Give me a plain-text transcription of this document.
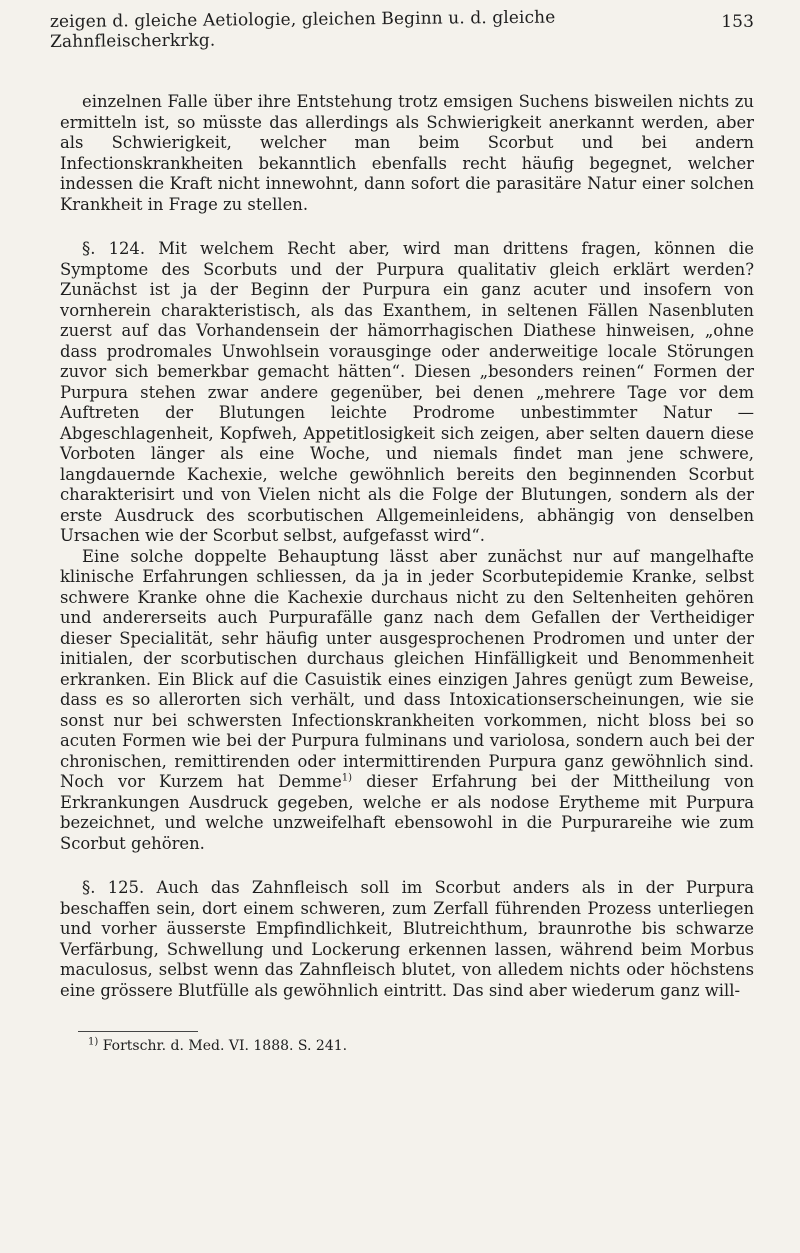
zeigen d. gleiche Aetiologie, gleichen Beginn u. d. gleiche Zahnfleischerkrkg.
153

einzelnen Falle über ihre Entstehung trotz emsigen Suchens bisweilen nichts zu ermitteln ist, so müsste das allerdings als Schwierigkeit anerkannt werden, aber als Schwierigkeit, welcher man beim Scorbut und bei andern Infectionskrankheiten bekanntlich ebenfalls recht häufig begegnet, welcher indessen die Kraft nicht innewohnt, dann sofort die parasitäre Natur einer solchen Krankheit in Frage zu stellen.

§. 124. Mit welchem Recht aber, wird man drittens fragen, können die Symptome des Scorbuts und der Purpura qualitativ gleich erklärt werden? Zunächst ist ja der Beginn der Purpura ein ganz acuter und insofern von vornherein charakteristisch, als das Exanthem, in seltenen Fällen Nasenbluten zuerst auf das Vorhandensein der hämorrhagischen Diathese hinweisen, „ohne dass prodromales Unwohlsein vorausginge oder anderweitige locale Störungen zuvor sich bemerkbar gemacht hätten“. Diesen „besonders reinen“ Formen der Purpura stehen zwar andere gegenüber, bei denen „mehrere Tage vor dem Auftreten der Blutungen leichte Prodrome unbestimmter Natur — Abgeschlagenheit, Kopfweh, Appetitlosigkeit sich zeigen, aber selten dauern diese Vorboten länger als eine Woche, und niemals findet man jene schwere, langdauernde Kachexie, welche gewöhnlich bereits den beginnenden Scorbut charakterisirt und von Vielen nicht als die Folge der Blutungen, sondern als der erste Ausdruck des scorbutischen Allgemeinleidens, abhängig von denselben Ursachen wie der Scorbut selbst, aufgefasst wird“.

Eine solche doppelte Behauptung lässt aber zunächst nur auf mangelhafte klinische Erfahrungen schliessen, da ja in jeder Scorbutepidemie Kranke, selbst schwere Kranke ohne die Kachexie durchaus nicht zu den Seltenheiten gehören und andererseits auch Purpurafälle ganz nach dem Gefallen der Vertheidiger dieser Specialität, sehr häufig unter ausgesprochenen Prodromen und unter der initialen, der scorbutischen durchaus gleichen Hinfälligkeit und Benommenheit erkranken. Ein Blick auf die Casuistik eines einzigen Jahres genügt zum Beweise, dass es so allerorten sich verhält, und dass Intoxicationserscheinungen, wie sie sonst nur bei schwersten Infectionskrankheiten vorkommen, nicht bloss bei so acuten Formen wie bei der Purpura fulminans und variolosa, sondern auch bei der chronischen, remittirenden oder intermittirenden Purpura ganz gewöhnlich sind. Noch vor Kurzem hat Demme$^{1)}$ dieser Erfahrung bei der Mittheilung von Erkrankungen Ausdruck gegeben, welche er als nodose Erytheme mit Purpura bezeichnet, und welche unzweifelhaft ebensowohl in die Purpurareihe wie zum Scorbut gehören.

§. 125. Auch das Zahnfleisch soll im Scorbut anders als in der Purpura beschaffen sein, dort einem schweren, zum Zerfall führenden Prozess unterliegen und vorher äusserste Empfindlichkeit, Blutreichthum, braunrothe bis schwarze Verfärbung, Schwellung und Lockerung erkennen lassen, während beim Morbus maculosus, selbst wenn das Zahnfleisch blutet, von alledem nichts oder höchstens eine grössere Blutfülle als gewöhnlich eintritt. Das sind aber wiederum ganz will-

$^{1)}$ Fortschr. d. Med. VI. 1888. S. 241.
